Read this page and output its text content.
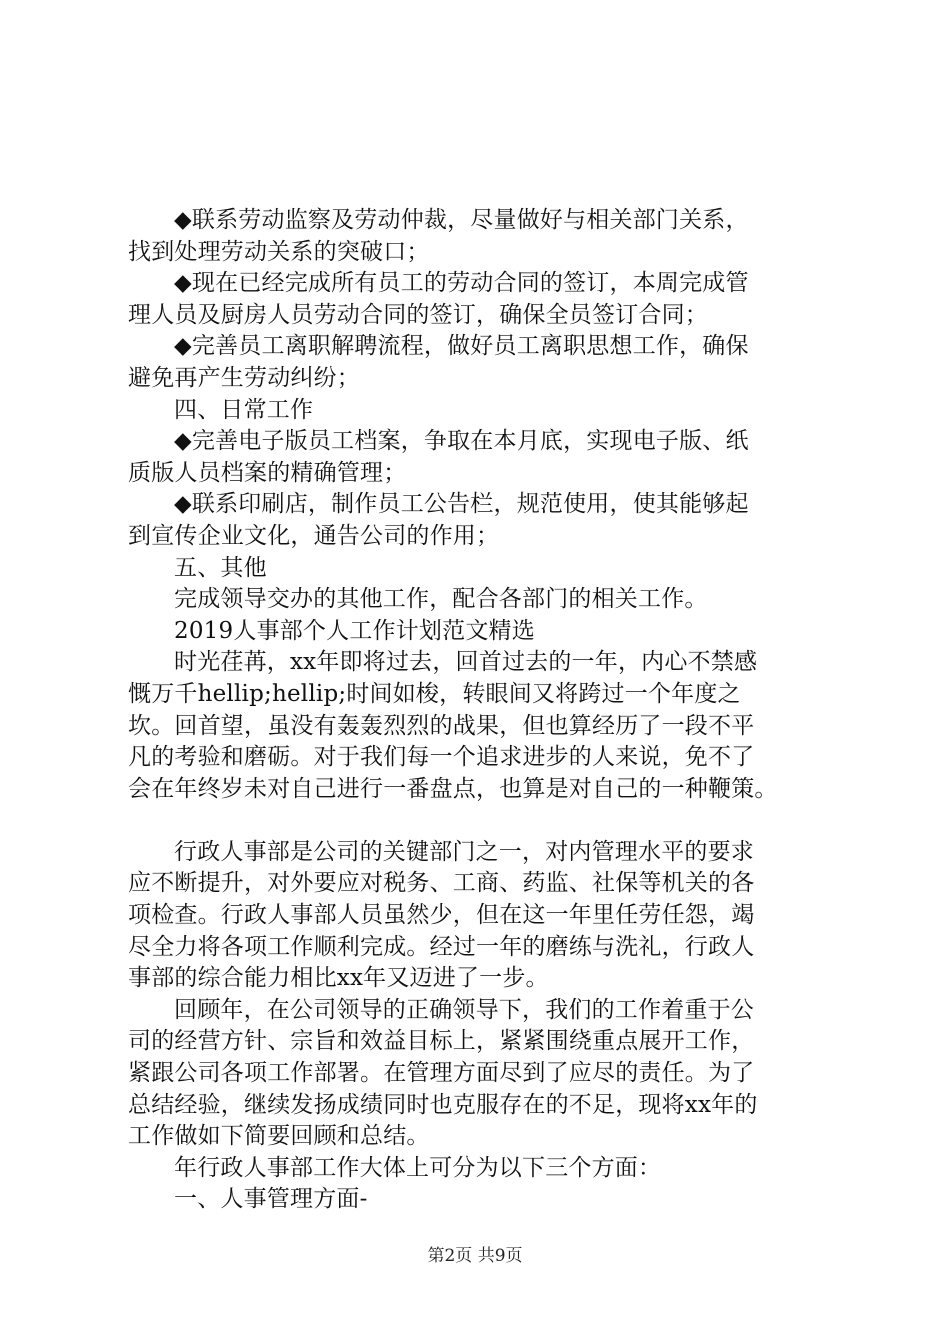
◆联系劳动监察及劳动仲裁，尽量做好与相关部门关系，

找到处理劳动关系的突破口；

◆现在已经完成所有员工的劳动合同的签订，本周完成管

理人员及厨房人员劳动合同的签订，确保全员签订合同；

◆完善员工离职解聘流程，做好员工离职思想工作，确保

避免再产生劳动纠纷；

四、日常工作

◆完善电子版员工档案，争取在本月底，实现电子版、纸

质版人员档案的精确管理；

◆联系印刷店，制作员工公告栏，规范使用，使其能够起

到宣传企业文化，通告公司的作用；

五、其他

完成领导交办的其他工作，配合各部门的相关工作。

2019人事部个人工作计划范文精选

时光荏苒，xx年即将过去，回首过去的一年，内心不禁感

慨万千hellip;hellip;时间如梭，转眼间又将跨过一个年度之

坎。回首望，虽没有轰轰烈烈的战果，但也算经历了一段不平

凡的考验和磨砺。对于我们每一个追求进步的人来说，免不了

会在年终岁未对自己进行一番盘点，也算是对自己的一种鞭策。

行政人事部是公司的关键部门之一，对内管理水平的要求

应不断提升，对外要应对税务、工商、药监、社保等机关的各

项检查。行政人事部人员虽然少，但在这一年里任劳任怨，竭

尽全力将各项工作顺利完成。经过一年的磨练与洗礼，行政人

事部的综合能力相比xx年又迈进了一步。

回顾年，在公司领导的正确领导下，我们的工作着重于公

司的经营方针、宗旨和效益目标上，紧紧围绕重点展开工作，

紧跟公司各项工作部署。在管理方面尽到了应尽的责任。为了

总结经验，继续发扬成绩同时也克服存在的不足，现将xx年的

工作做如下简要回顾和总结。

年行政人事部工作大体上可分为以下三个方面：

一、人事管理方面-

第2页 共9页
